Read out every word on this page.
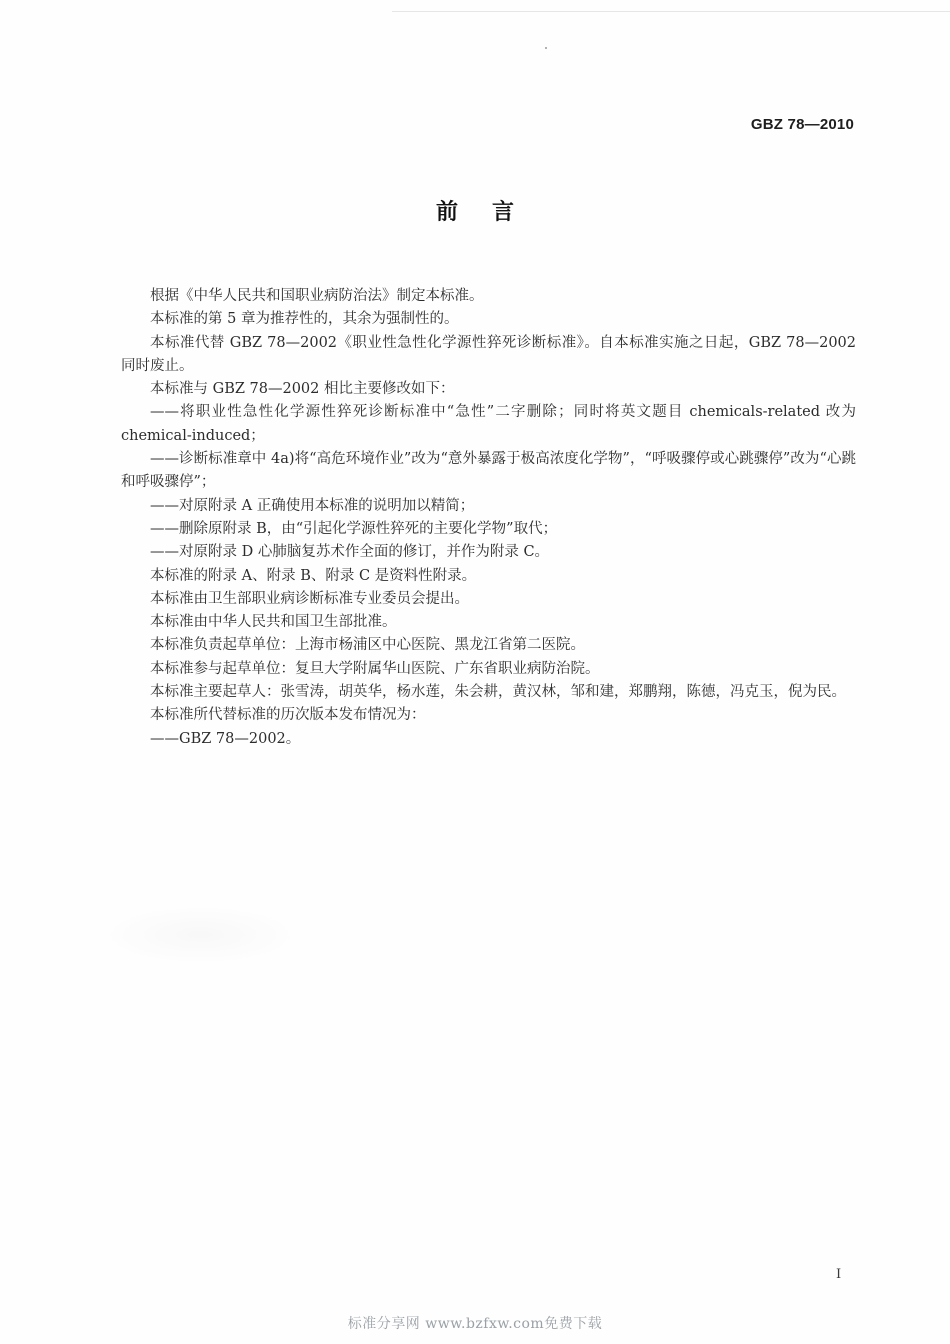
GBZ 78—2010
前言

根据《中华人民共和国职业病防治法》制定本标准。

本标准的第 5 章为推荐性的，其余为强制性的。

本标准代替 GBZ 78—2002《职业性急性化学源性猝死诊断标准》。自本标准实施之日起，GBZ 78—2002 同时废止。

本标准与 GBZ 78—2002 相比主要修改如下：

——将职业性急性化学源性猝死诊断标准中“急性”二字删除；同时将英文题目 chemicals-related 改为 chemical-induced；

——诊断标准章中 4a)将“高危环境作业”改为“意外暴露于极高浓度化学物”，“呼吸骤停或心跳骤停”改为“心跳和呼吸骤停”；

——对原附录 A 正确使用本标准的说明加以精简；

——删除原附录 B，由“引起化学源性猝死的主要化学物”取代；

——对原附录 D 心肺脑复苏术作全面的修订，并作为附录 C。

本标准的附录 A、附录 B、附录 C 是资料性附录。

本标准由卫生部职业病诊断标准专业委员会提出。

本标准由中华人民共和国卫生部批准。

本标准负责起草单位：上海市杨浦区中心医院、黑龙江省第二医院。

本标准参与起草单位：复旦大学附属华山医院、广东省职业病防治院。

本标准主要起草人：张雪涛，胡英华，杨水莲，朱会耕，黄汉林，邹和建，郑鹏翔，陈德，冯克玉，倪为民。

本标准所代替标准的历次版本发布情况为：

——GBZ 78—2002。

I
标准分享网 www.bzfxw.com免费下载
